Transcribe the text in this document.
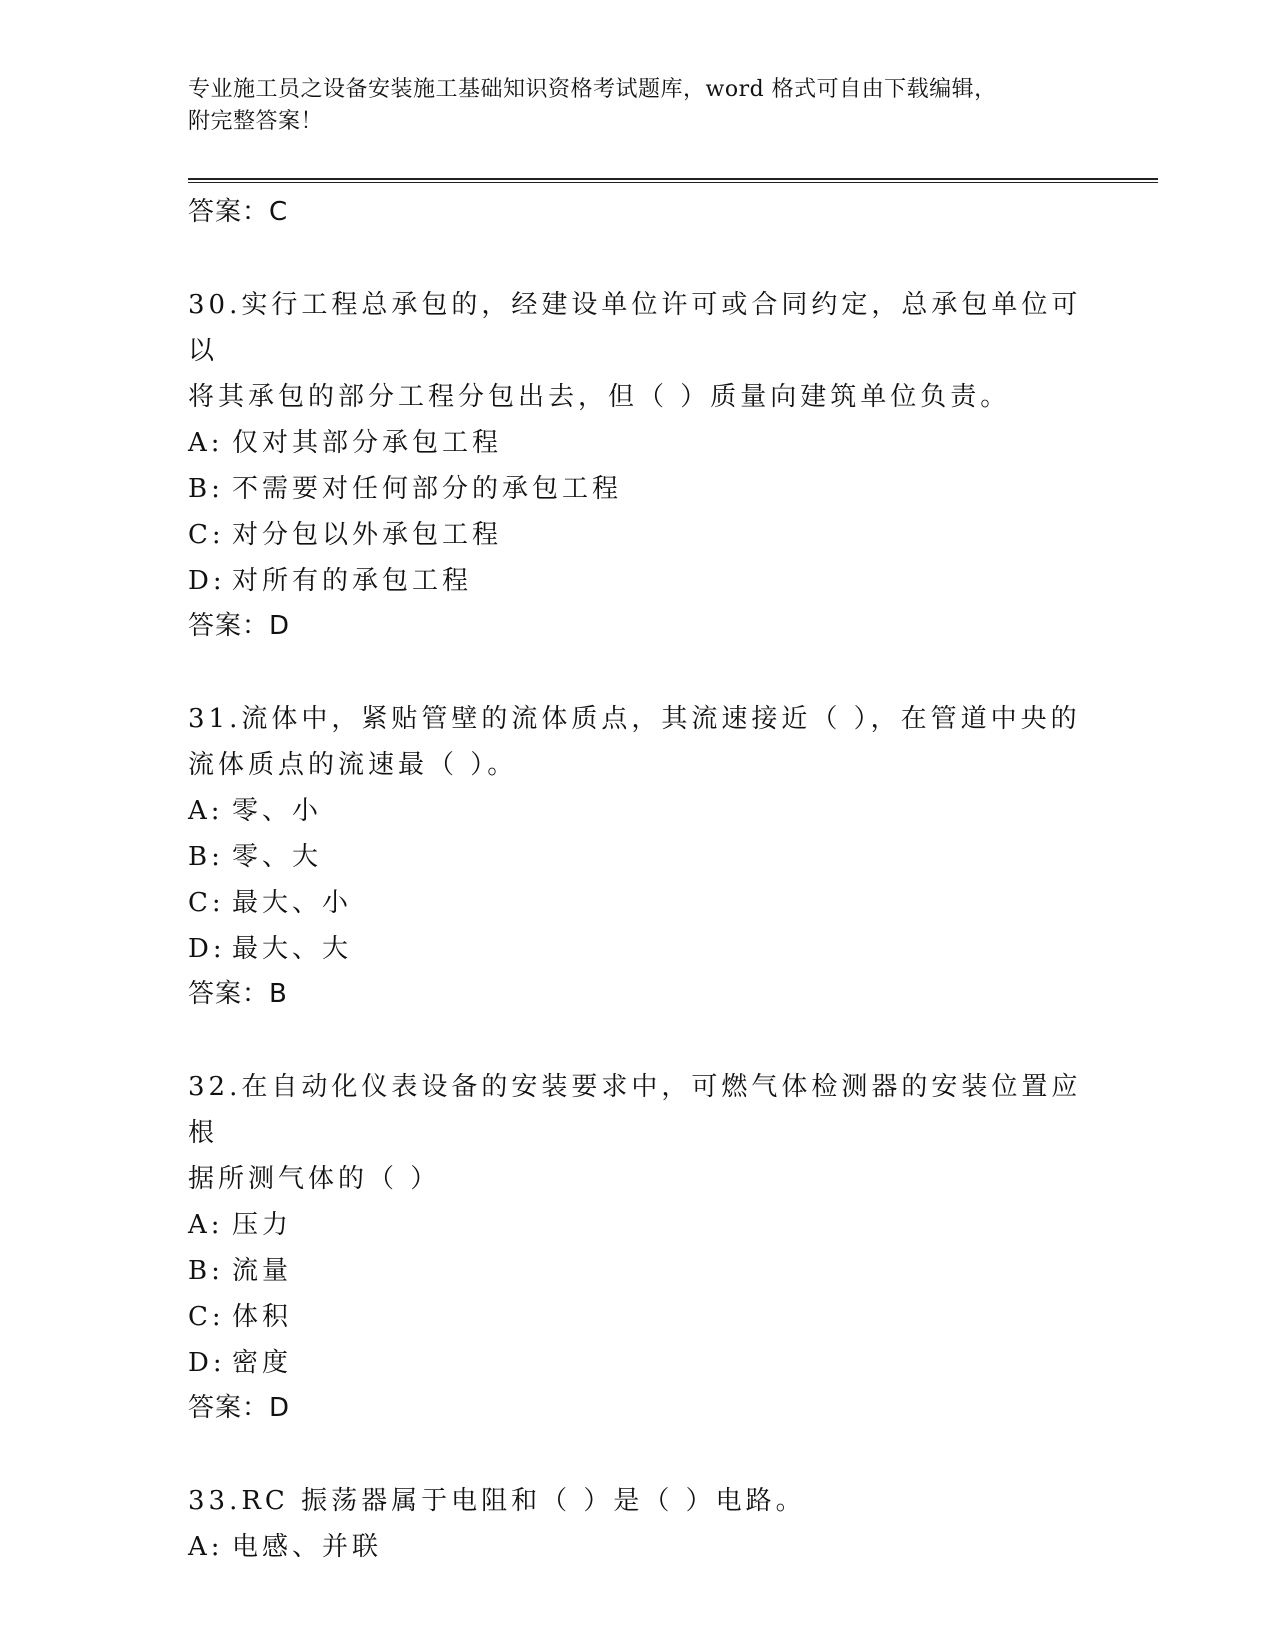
专业施工员之设备安装施工基础知识资格考试题库，word 格式可自由下载编辑，
附完整答案！
答案：C

30.实行工程总承包的，经建设单位许可或合同约定，总承包单位可以

将其承包的部分工程分包出去，但（ ）质量向建筑单位负责。

A: 仅对其部分承包工程
B: 不需要对任何部分的承包工程
C: 对分包以外承包工程
D: 对所有的承包工程
答案：D

31.流体中，紧贴管壁的流体质点，其流速接近（ ），在管道中央的

流体质点的流速最（ ）。

A: 零、小
B: 零、大
C: 最大、小
D: 最大、大
答案：B

32.在自动化仪表设备的安装要求中，可燃气体检测器的安装位置应根

据所测气体的（ ）

A: 压力
B: 流量
C: 体积
D: 密度
答案：D

33.RC 振荡器属于电阻和（ ）是（ ）电路。

A: 电感、并联
